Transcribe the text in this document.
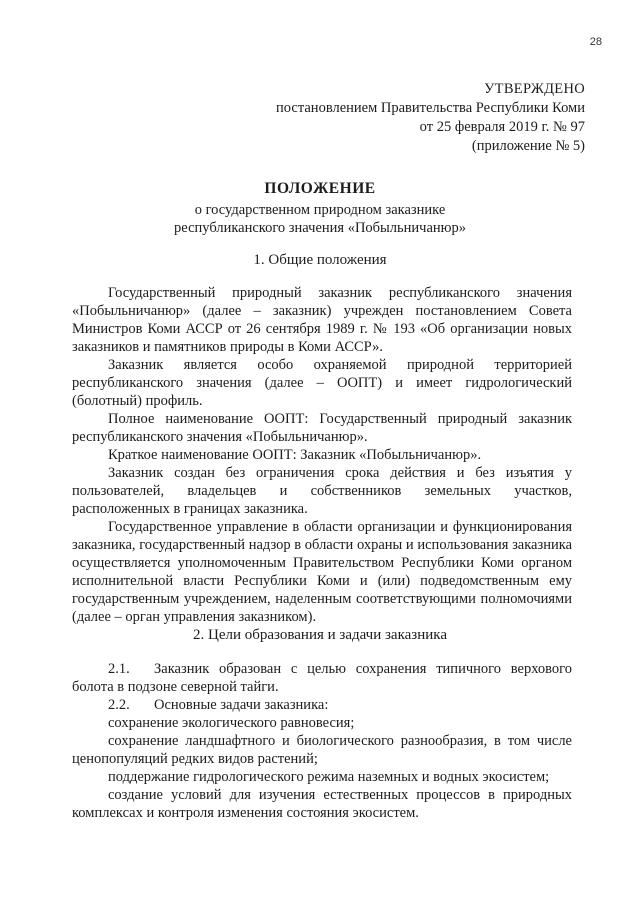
28
УТВЕРЖДЕНО
постановлением Правительства Республики Коми
от 25 февраля 2019 г. № 97
(приложение № 5)
ПОЛОЖЕНИЕ
о государственном природном заказнике
республиканского значения «Побыльничанюр»
1. Общие положения

Государственный природный заказник республиканского значения «Побыльничанюр» (далее – заказник) учрежден постановлением Совета Министров Коми АССР от 26 сентября 1989 г. № 193 «Об организации новых заказников и памятников природы в Коми АССР».

Заказник является особо охраняемой природной территорией республиканского значения (далее – ООПТ) и имеет гидрологический (болотный) профиль.

Полное наименование ООПТ: Государственный природный заказник республиканского значения «Побыльничанюр».

Краткое наименование ООПТ: Заказник «Побыльничанюр».

Заказник создан без ограничения срока действия и без изъятия у пользователей, владельцев и собственников земельных участков, расположенных в границах заказника.

Государственное управление в области организации и функционирования заказника, государственный надзор в области охраны и использования заказника осуществляется уполномоченным Правительством Республики Коми органом исполнительной власти Республики Коми и (или) подведомственным ему государственным учреждением, наделенным соответствующими полномочиями (далее – орган управления заказником).

2. Цели образования и задачи заказника

2.1. Заказник образован с целью сохранения типичного верхового болота в подзоне северной тайги.

2.2. Основные задачи заказника:

сохранение экологического равновесия;

сохранение ландшафтного и биологического разнообразия, в том числе ценопопуляций редких видов растений;

поддержание гидрологического режима наземных и водных экосистем;

создание условий для изучения естественных процессов в природных комплексах и контроля изменения состояния экосистем.
